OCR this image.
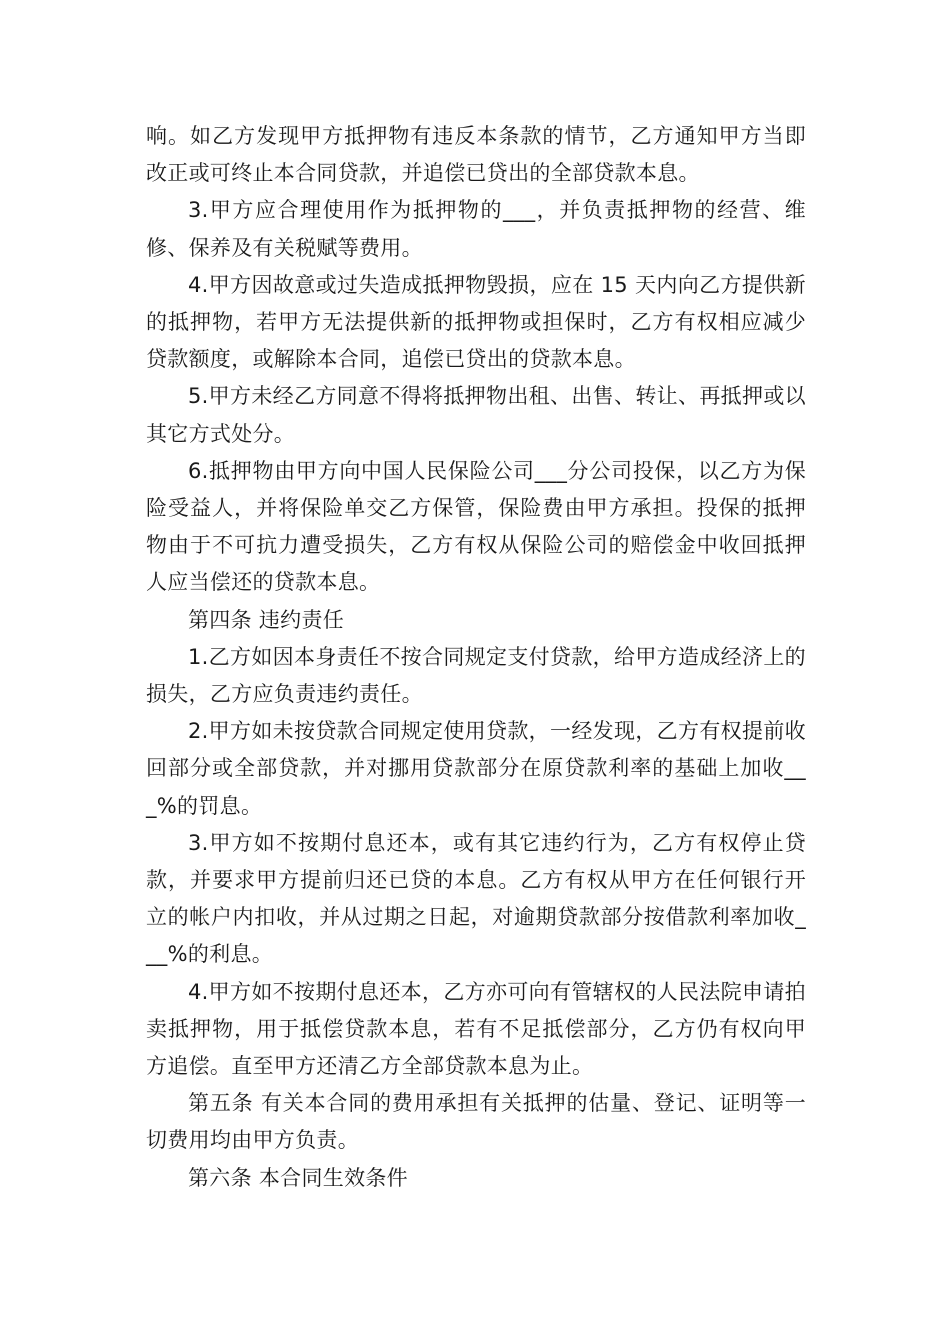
响。如乙方发现甲方抵押物有违反本条款的情节，乙方通知甲方当即改正或可终止本合同贷款，并追偿已贷出的全部贷款本息。

3.甲方应合理使用作为抵押物的___，并负责抵押物的经营、维修、保养及有关税赋等费用。

4.甲方因故意或过失造成抵押物毁损，应在 15 天内向乙方提供新的抵押物，若甲方无法提供新的抵押物或担保时，乙方有权相应减少贷款额度，或解除本合同，追偿已贷出的贷款本息。

5.甲方未经乙方同意不得将抵押物出租、出售、转让、再抵押或以其它方式处分。

6.抵押物由甲方向中国人民保险公司___分公司投保，以乙方为保险受益人，并将保险单交乙方保管，保险费由甲方承担。投保的抵押物由于不可抗力遭受损失，乙方有权从保险公司的赔偿金中收回抵押人应当偿还的贷款本息。

第四条 违约责任

1.乙方如因本身责任不按合同规定支付贷款，给甲方造成经济上的损失，乙方应负责违约责任。

2.甲方如未按贷款合同规定使用贷款，一经发现，乙方有权提前收回部分或全部贷款，并对挪用贷款部分在原贷款利率的基础上加收___%的罚息。

3.甲方如不按期付息还本，或有其它违约行为，乙方有权停止贷款，并要求甲方提前归还已贷的本息。乙方有权从甲方在任何银行开立的帐户内扣收，并从过期之日起，对逾期贷款部分按借款利率加收___%的利息。

4.甲方如不按期付息还本，乙方亦可向有管辖权的人民法院申请拍卖抵押物，用于抵偿贷款本息，若有不足抵偿部分，乙方仍有权向甲方追偿。直至甲方还清乙方全部贷款本息为止。

第五条 有关本合同的费用承担有关抵押的估量、登记、证明等一切费用均由甲方负责。

第六条 本合同生效条件
